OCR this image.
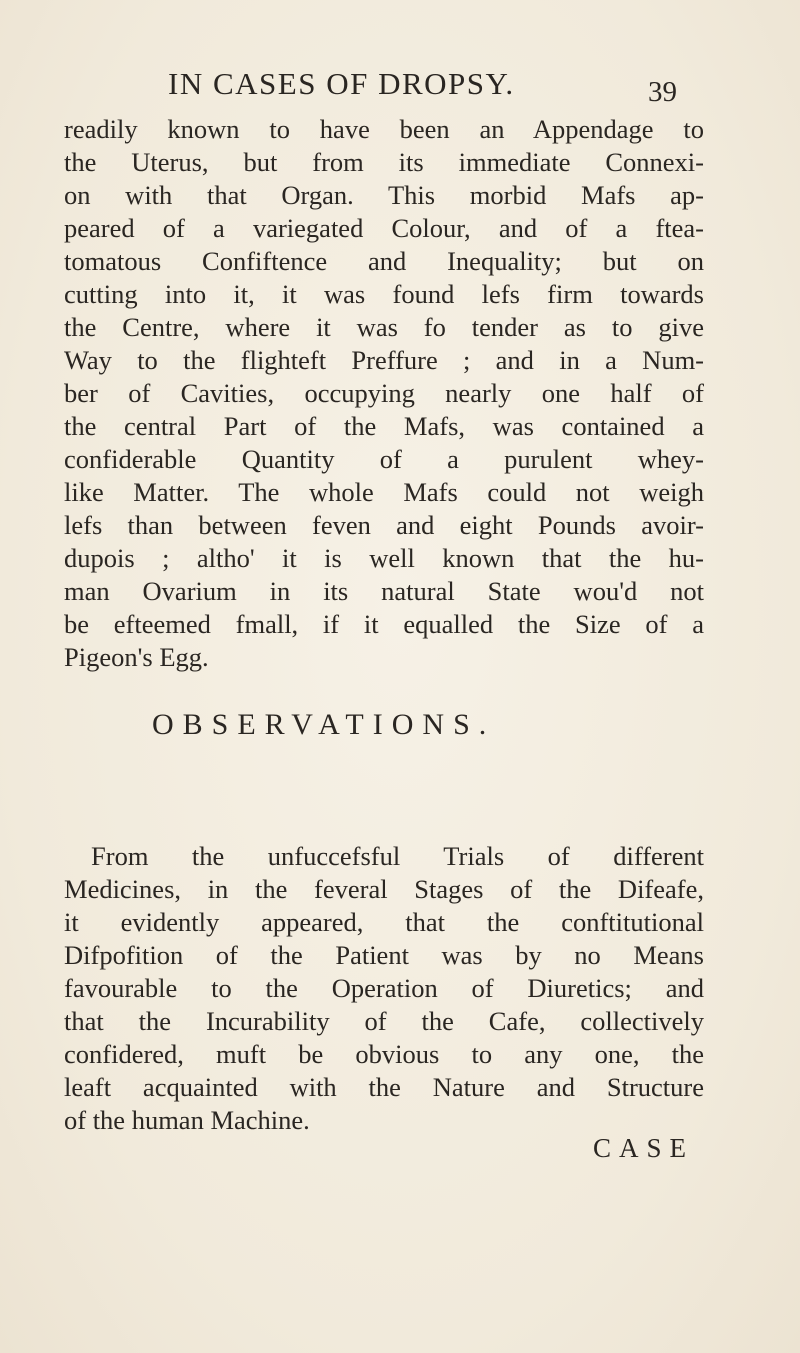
IN CASES OF DROPSY.	39
readily known to have been an Appendage to
the Uterus, but from its immediate Connexi-
on with that Organ. This morbid Mafs ap-
peared of a variegated Colour, and of a ftea-
tomatous Confiftence and Inequality; but on
cutting into it, it was found lefs firm towards
the Centre, where it was fo tender as to give
Way to the flighteft Preffure ; and in a Num-
ber of Cavities, occupying nearly one half of
the central Part of the Mafs, was contained a
confiderable Quantity of a purulent whey-
like Matter. The whole Mafs could not weigh
lefs than between feven and eight Pounds avoir-
dupois ; altho' it is well known that the hu-
man Ovarium in its natural State wou'd not
be efteemed fmall, if it equalled the Size of a
Pigeon's Egg.
OBSERVATIONS.
From the unfuccefsful Trials of different
Medicines, in the feveral Stages of the Difeafe,
it evidently appeared, that the conftitutional
Difpofition of the Patient was by no Means
favourable to the Operation of Diuretics; and
that the Incurability of the Cafe, collectively
confidered, muft be obvious to any one, the
leaft acquainted with the Nature and Structure
of the human Machine.
CASE
